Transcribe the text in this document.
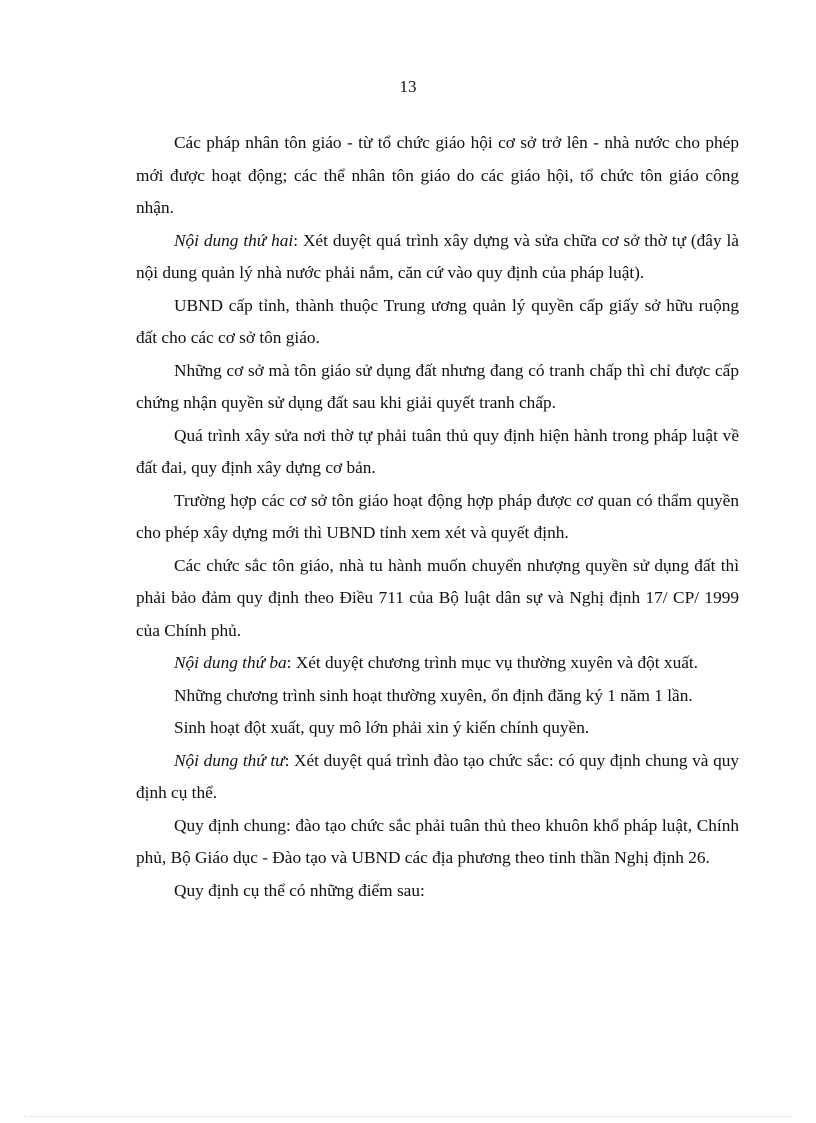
13

Các pháp nhân tôn giáo - từ tổ chức giáo hội cơ sở trở lên - nhà nước cho phép mới được hoạt động; các thể nhân tôn giáo do các giáo hội, tổ chức tôn giáo công nhận.

Nội dung thứ hai: Xét duyệt quá trình xây dựng và sửa chữa cơ sở thờ tự (đây là nội dung quản lý nhà nước phải nắm, căn cứ vào quy định của pháp luật).

UBND cấp tỉnh, thành thuộc Trung ương quản lý quyền cấp giấy sở hữu ruộng đất cho các cơ sở tôn giáo.

Những cơ sở mà tôn giáo sử dụng đất nhưng đang có tranh chấp thì chỉ được cấp chứng nhận quyền sử dụng đất sau khi giải quyết tranh chấp.

Quá trình xây sửa nơi thờ tự phải tuân thủ quy định hiện hành trong pháp luật về đất đai, quy định xây dựng cơ bản.

Trường hợp các cơ sở tôn giáo hoạt động hợp pháp được cơ quan có thẩm quyền cho phép xây dựng mới thì UBND tỉnh xem xét và quyết định.

Các chức sắc tôn giáo, nhà tu hành muốn chuyển nhượng quyền sử dụng đất thì phải bảo đảm quy định theo Điều 711 của Bộ luật dân sự và Nghị định 17/ CP/ 1999 của Chính phủ.

Nội dung thứ ba: Xét duyệt chương trình mục vụ thường xuyên và đột xuất.

Những chương trình sinh hoạt thường xuyên, ổn định đăng ký 1 năm 1 lần.

Sinh hoạt đột xuất, quy mô lớn phải xin ý kiến chính quyền.

Nội dung thứ tư: Xét duyệt quá trình đào tạo chức sắc: có quy định chung và quy định cụ thể.

Quy định chung: đào tạo chức sắc phải tuân thủ theo khuôn khổ pháp luật, Chính phủ, Bộ Giáo dục - Đào tạo và UBND các địa phương theo tinh thần Nghị định 26.

Quy định cụ thể có những điểm sau:
